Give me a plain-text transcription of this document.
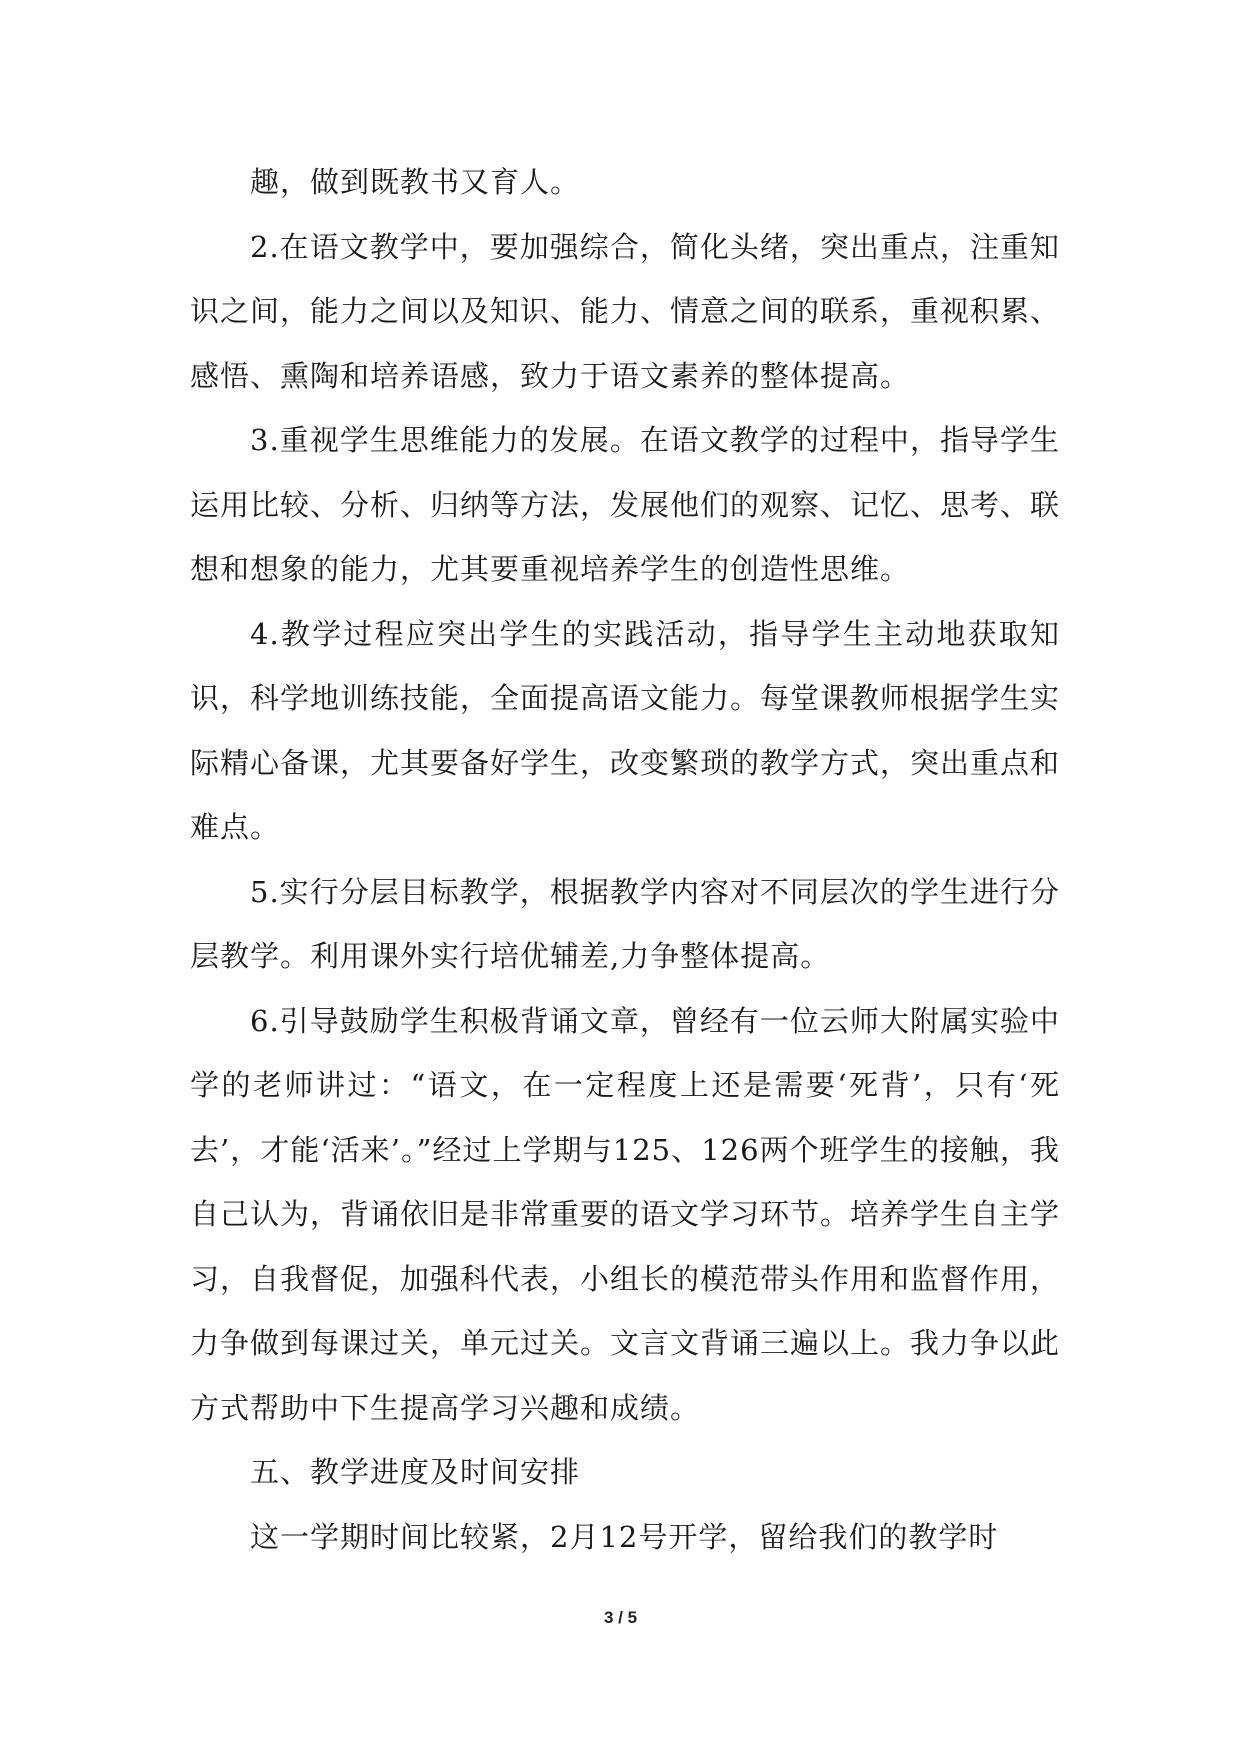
趣，做到既教书又育人。

2.在语文教学中，要加强综合，简化头绪，突出重点，注重知识之间，能力之间以及知识、能力、情意之间的联系，重视积累、感悟、熏陶和培养语感，致力于语文素养的整体提高。

3.重视学生思维能力的发展。在语文教学的过程中，指导学生运用比较、分析、归纳等方法，发展他们的观察、记忆、思考、联想和想象的能力，尤其要重视培养学生的创造性思维。

4.教学过程应突出学生的实践活动，指导学生主动地获取知识，科学地训练技能，全面提高语文能力。每堂课教师根据学生实际精心备课，尤其要备好学生，改变繁琐的教学方式，突出重点和难点。

5.实行分层目标教学，根据教学内容对不同层次的学生进行分层教学。利用课外实行培优辅差,力争整体提高。

6.引导鼓励学生积极背诵文章，曾经有一位云师大附属实验中学的老师讲过：“语文，在一定程度上还是需要‘死背’，只有‘死去’，才能‘活来’。”经过上学期与125、126两个班学生的接触，我自己认为，背诵依旧是非常重要的语文学习环节。培养学生自主学习，自我督促，加强科代表，小组长的模范带头作用和监督作用，力争做到每课过关，单元过关。文言文背诵三遍以上。我力争以此方式帮助中下生提高学习兴趣和成绩。

五、教学进度及时间安排

这一学期时间比较紧，2月12号开学，留给我们的教学时

3 / 5
